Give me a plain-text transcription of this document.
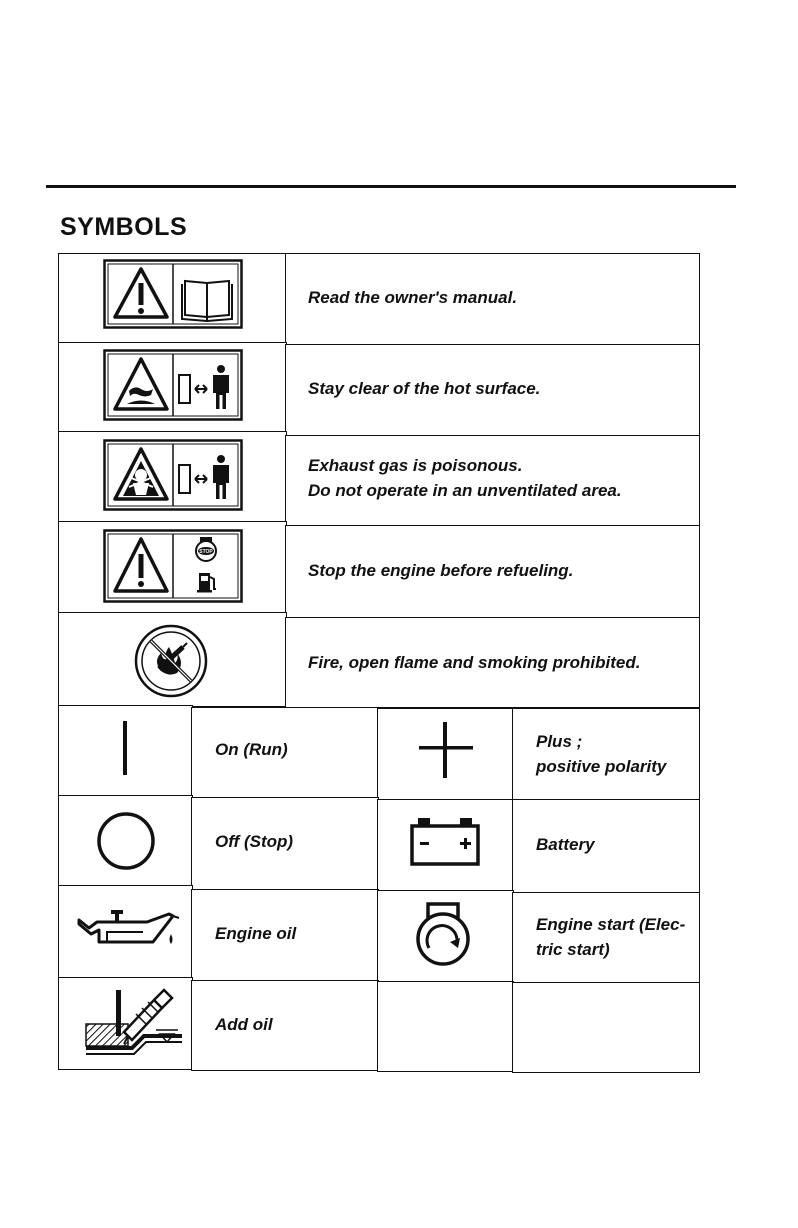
SYMBOLS
Read the owner's manual.
Stay clear of the hot surface.
Exhaust gas is poisonous.
Do not operate in an unventilated area.
STOP
Stop the engine before refueling.
Fire, open flame and smoking prohibited.
On (Run)	Plus ;
positive polarity
Off (Stop)	Battery
Engine oil	Engine start (Elec-
tric start)
Add oil
